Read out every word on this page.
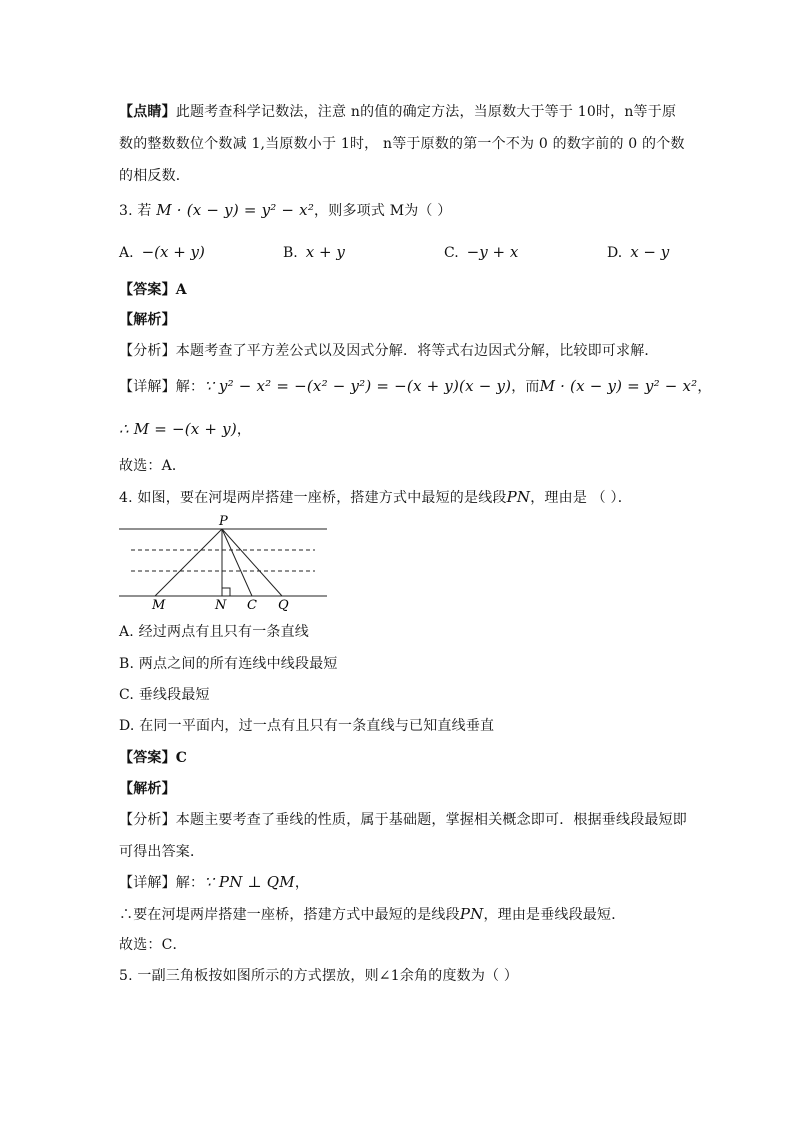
【点睛】此题考查科学记数法，注意 n的值的确定方法，当原数大于等于 10时，n等于原
数的整数数位个数减 1,当原数小于 1时， n等于原数的第一个不为 0 的数字前的 0 的个数
的相反数．
3. 若 M · (x − y) = y² − x²，则多项式 M为（ ）
A. −(x + y)	B. x + y	C. −y + x	D. x − y
【答案】A
【解析】
【分析】本题考查了平方差公式以及因式分解．将等式右边因式分解，比较即可求解．
【详解】解：∵ y² − x² = −(x² − y²) = −(x + y)(x − y)，而M · (x − y) = y² − x²，
∴ M = −(x + y)，
故选：A．
4. 如图，要在河堤两岸搭建一座桥，搭建方式中最短的是线段PN，理由是 （ ）．
P
M	N C Q
A. 经过两点有且只有一条直线
B. 两点之间的所有连线中线段最短
C. 垂线段最短
D. 在同一平面内，过一点有且只有一条直线与已知直线垂直
【答案】C
【解析】
【分析】本题主要考查了垂线的性质，属于基础题，掌握相关概念即可．根据垂线段最短即
可得出答案．
【详解】解：∵ PN ⊥ QM，
∴要在河堤两岸搭建一座桥，搭建方式中最短的是线段PN，理由是垂线段最短．
故选：C．
5. 一副三角板按如图所示的方式摆放，则∠1余角的度数为（ ）
